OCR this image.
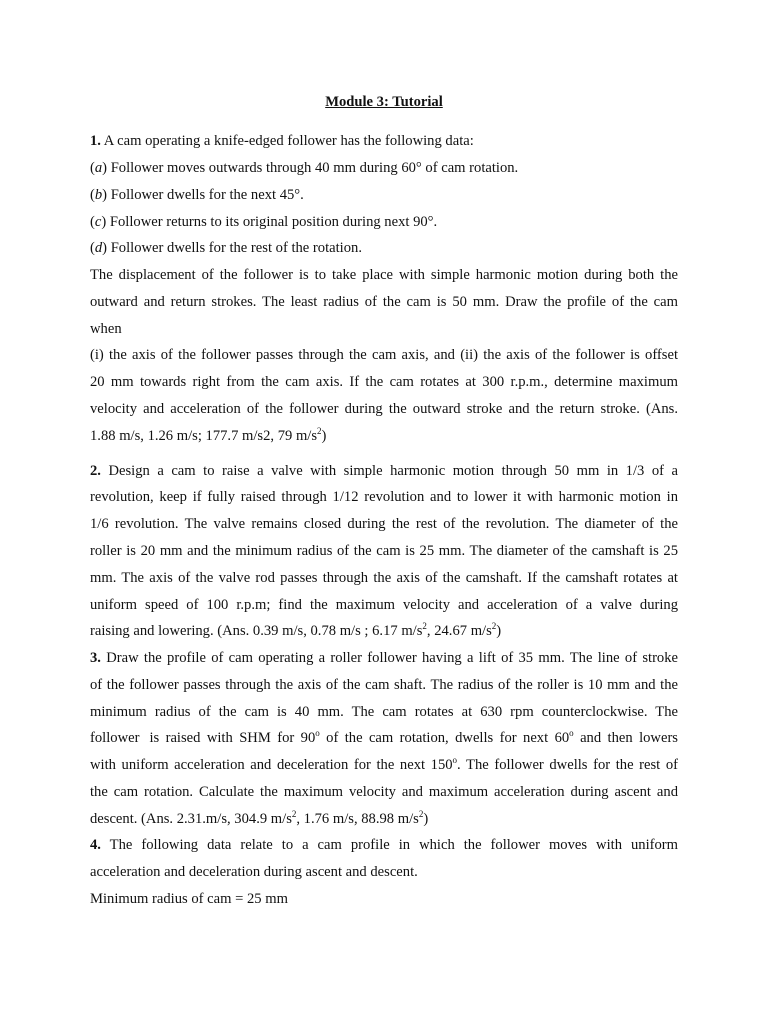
Module 3: Tutorial
1. A cam operating a knife-edged follower has the following data:
(a) Follower moves outwards through 40 mm during 60° of cam rotation.
(b) Follower dwells for the next 45°.
(c) Follower returns to its original position during next 90°.
(d) Follower dwells for the rest of the rotation.
The displacement of the follower is to take place with simple harmonic motion during both the
outward and return strokes. The least radius of the cam is 50 mm. Draw the profile of the cam
when
(i) the axis of the follower passes through the cam axis, and (ii) the axis of the follower is offset
20 mm towards right from the cam axis. If the cam rotates at 300 r.p.m., determine maximum
velocity and acceleration of the follower during the outward stroke and the return stroke. (Ans.
1.88 m/s, 1.26 m/s; 177.7 m/s2, 79 $m/s^2$)
2. Design a cam to raise a valve with simple harmonic motion through 50 mm in 1/3 of a
revolution, keep if fully raised through 1/12 revolution and to lower it with harmonic motion in
1/6 revolution. The valve remains closed during the rest of the revolution. The diameter of the
roller is 20 mm and the minimum radius of the cam is 25 mm. The diameter of the camshaft is 25
mm. The axis of the valve rod passes through the axis of the camshaft. If the camshaft rotates at
uniform speed of 100 r.p.m; find the maximum velocity and acceleration of a valve during
raising and lowering. (Ans. 0.39 m/s, 0.78 m/s ; 6.17 $m/s^2$, 24.67 $m/s^2$)
3. Draw the profile of cam operating a roller follower having a lift of 35 mm. The line of stroke
of the follower passes through the axis of the cam shaft. The radius of the roller is 10 mm and the
minimum radius of the cam is 40 mm. The cam rotates at 630 rpm counterclockwise. The
follower is raised with SHM for 90$^o$ of the cam rotation, dwells for next 60$^o$ and then lowers
with uniform acceleration and deceleration for the next 150$^o$. The follower dwells for the rest of
the cam rotation. Calculate the maximum velocity and maximum acceleration during ascent and
descent. (Ans. 2.31.m/s, 304.9 $m/s^2$, 1.76 m/s, 88.98 $m/s^2$)
4. The following data relate to a cam profile in which the follower moves with uniform
acceleration and deceleration during ascent and descent.
Minimum radius of cam = 25 mm
